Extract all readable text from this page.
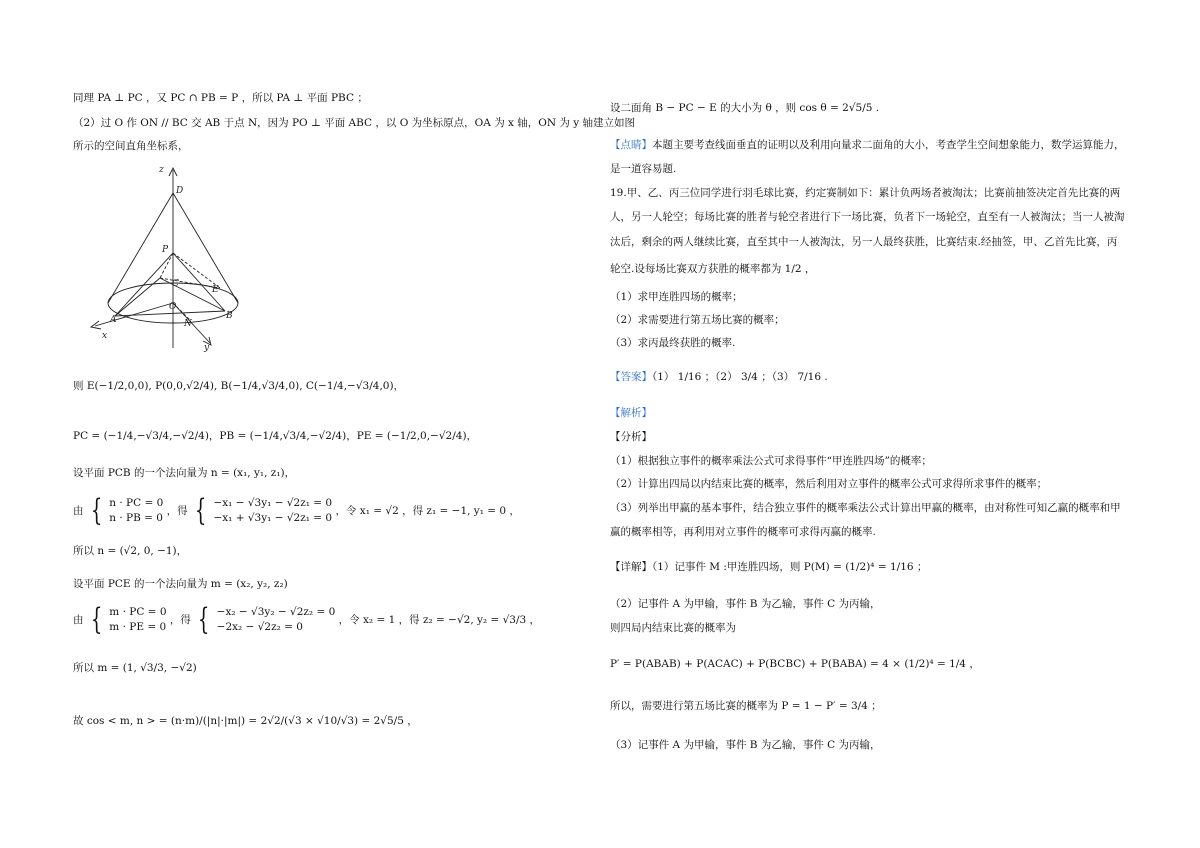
同理 PA ⊥ PC ，又 PC ∩ PB = P ，所以 PA ⊥ 平面 PBC ；
（2）过 O 作 ON // BC 交 AB 于点 N，因为 PO ⊥ 平面 ABC ，以 O 为坐标原点，OA 为 x 轴，ON 为 y 轴建立如图
所示的空间直角坐标系，
z
D
P
C
E
O
A	N
B
x
y
则 E(−1/2,0,0), P(0,0,√2/4), B(−1/4,√3/4,0), C(−1/4,−√3/4,0)，
PC = (−1/4,−√3/4,−√2/4)，PB = (−1/4,√3/4,−√2/4)，PE = (−1/2,0,−√2/4)，
设平面 PCB 的一个法向量为 n = (x₁, y₁, z₁)，
由 { n · PC = 0
n · PB = 0 ，得 { −x₁ − √3y₁ − √2z₁ = 0
−x₁ + √3y₁ − √2z₁ = 0 ，令 x₁ = √2 ，得 z₁ = −1, y₁ = 0 ，
所以 n = (√2, 0, −1)，
设平面 PCE 的一个法向量为 m = (x₂, y₂, z₂)
由 { m · PC = 0
m · PE = 0 ，得 { −x₂ − √3y₂ − √2z₂ = 0
−2x₂ − √2z₂ = 0 ，令 x₂ = 1 ，得 z₂ = −√2, y₂ = √3/3 ，
所以 m = (1, √3/3, −√2)
故 cos < m, n > = (n·m)/(|n|·|m|) = 2√2/(√3 × √10/√3) = 2√5/5 ，
设二面角 B − PC − E 的大小为 θ ，则 cos θ = 2√5/5 .
【点睛】本题主要考查线面垂直的证明以及利用向量求二面角的大小，考查学生空间想象能力，数学运算能力，
是一道容易题.
19.甲、乙、丙三位同学进行羽毛球比赛，约定赛制如下：累计负两场者被淘汰；比赛前抽签决定首先比赛的两
人，另一人轮空；每场比赛的胜者与轮空者进行下一场比赛，负者下一场轮空，直至有一人被淘汰；当一人被淘
汰后，剩余的两人继续比赛，直至其中一人被淘汰，另一人最终获胜，比赛结束.经抽签，甲、乙首先比赛，丙
轮空.设每场比赛双方获胜的概率都为 1/2 ，
（1）求甲连胜四场的概率；
（2）求需要进行第五场比赛的概率；
（3）求丙最终获胜的概率.
【答案】（1） 1/16 ；（2） 3/4 ；（3） 7/16 .
【解析】
【分析】
（1）根据独立事件的概率乘法公式可求得事件“甲连胜四场”的概率；
（2）计算出四局以内结束比赛的概率，然后利用对立事件的概率公式可求得所求事件的概率；
（3）列举出甲赢的基本事件，结合独立事件的概率乘法公式计算出甲赢的概率，由对称性可知乙赢的概率和甲
赢的概率相等，再利用对立事件的概率可求得丙赢的概率.
【详解】（1）记事件 M :甲连胜四场，则 P(M) = (1/2)⁴ = 1/16 ；
（2）记事件 A 为甲输，事件 B 为乙输，事件 C 为丙输，
则四局内结束比赛的概率为
P′ = P(ABAB) + P(ACAC) + P(BCBC) + P(BABA) = 4 × (1/2)⁴ = 1/4 ，
所以，需要进行第五场比赛的概率为 P = 1 − P′ = 3/4 ；
（3）记事件 A 为甲输，事件 B 为乙输，事件 C 为丙输，
